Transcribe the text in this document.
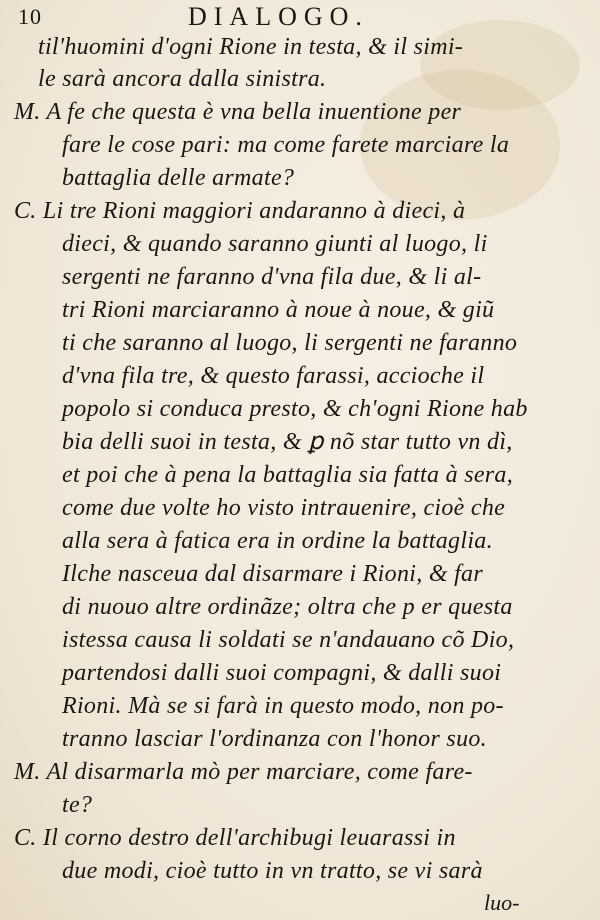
10	DIALOGO.
til'huomini d'ogni Rione in testa, & il simi-
le sarà ancora dalla sinistra.
M. A fe che questa è vna bella inuentione per
fare le cose pari: ma come farete marciare la
battaglia delle armate?
C. Li tre Rioni maggiori andaranno à dieci, à
dieci, & quando saranno giunti al luogo, li
sergenti ne faranno d'vna fila due, & li al-
tri Rioni marciaranno à noue à noue, & giũ
ti che saranno al luogo, li sergenti ne faranno
d'vna fila tre, & questo farassi, accioche il
popolo si conduca presto, & ch'ogni Rione hab
bia delli suoi in testa, & ꝑ nõ star tutto vn dì,
et poi che à pena la battaglia sia fatta à sera,
come due volte ho visto intrauenire, cioè che
alla sera à fatica era in ordine la battaglia.
Ilche nasceua dal disarmare i Rioni, & far
di nuouo altre ordinãze; oltra che p er questa
istessa causa li soldati se n'andauano cõ Dio,
partendosi dalli suoi compagni, & dalli suoi
Rioni. Mà se si farà in questo modo, non po-
tranno lasciar l'ordinanza con l'honor suo.
M. Al disarmarla mò per marciare, come fare-
te?
C. Il corno destro dell'archibugi leuarassi in
due modi, cioè tutto in vn tratto, se vi sarà
luo-
